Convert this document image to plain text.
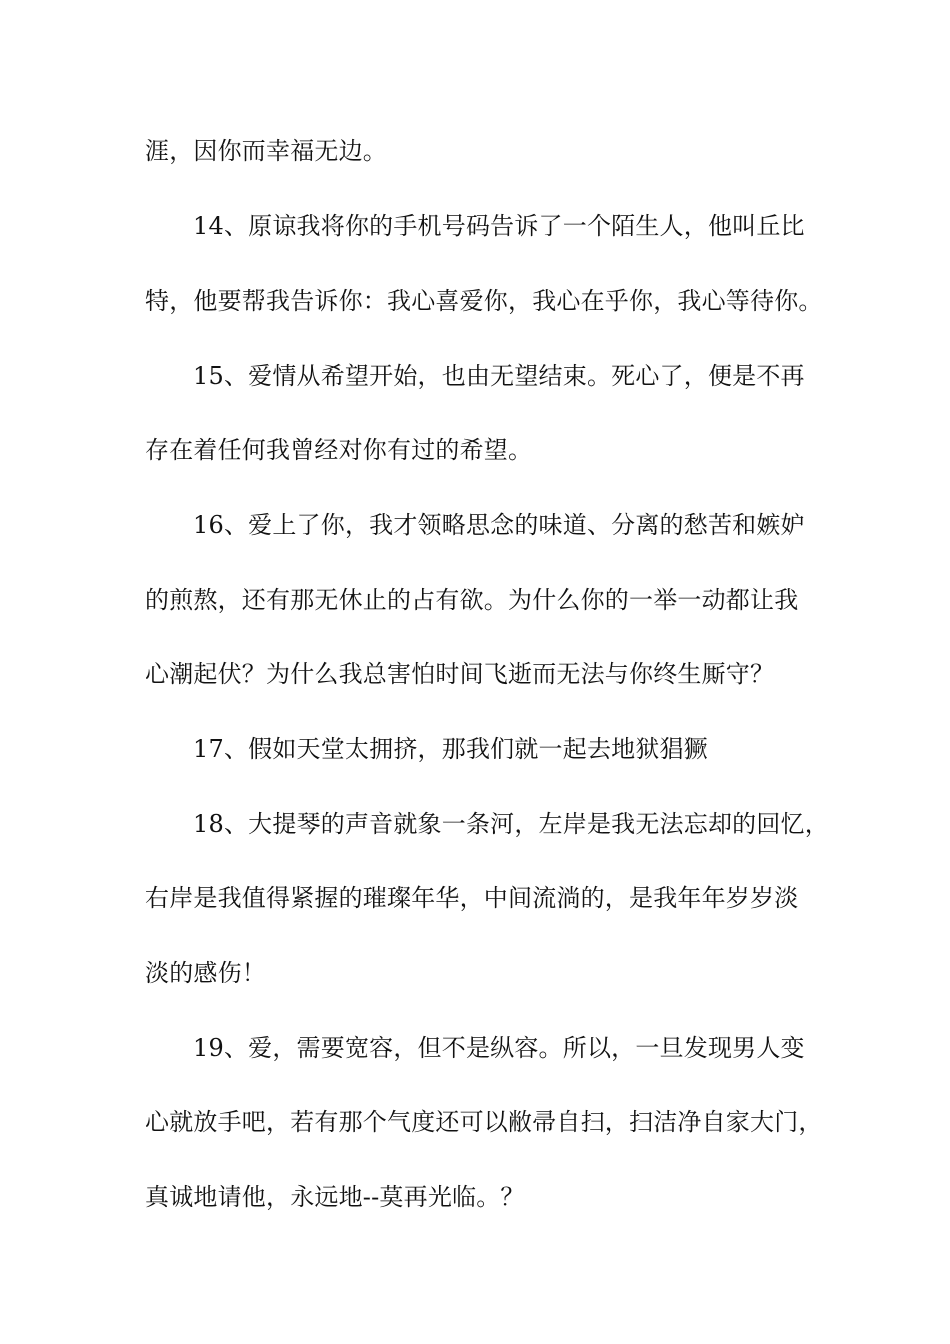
涯，因你而幸福无边。
14、原谅我将你的手机号码告诉了一个陌生人，他叫丘比
特，他要帮我告诉你：我心喜爱你，我心在乎你，我心等待你。
15、爱情从希望开始，也由无望结束。死心了，便是不再
存在着任何我曾经对你有过的希望。
16、爱上了你，我才领略思念的味道、分离的愁苦和嫉妒
的煎熬，还有那无休止的占有欲。为什么你的一举一动都让我
心潮起伏？为什么我总害怕时间飞逝而无法与你终生厮守？
17、假如天堂太拥挤，那我们就一起去地狱猖獗
18、大提琴的声音就象一条河，左岸是我无法忘却的回忆，
右岸是我值得紧握的璀璨年华，中间流淌的，是我年年岁岁淡
淡的感伤！
19、爱，需要宽容，但不是纵容。所以，一旦发现男人变
心就放手吧，若有那个气度还可以敝帚自扫，扫洁净自家大门，
真诚地请他，永远地--莫再光临。？
